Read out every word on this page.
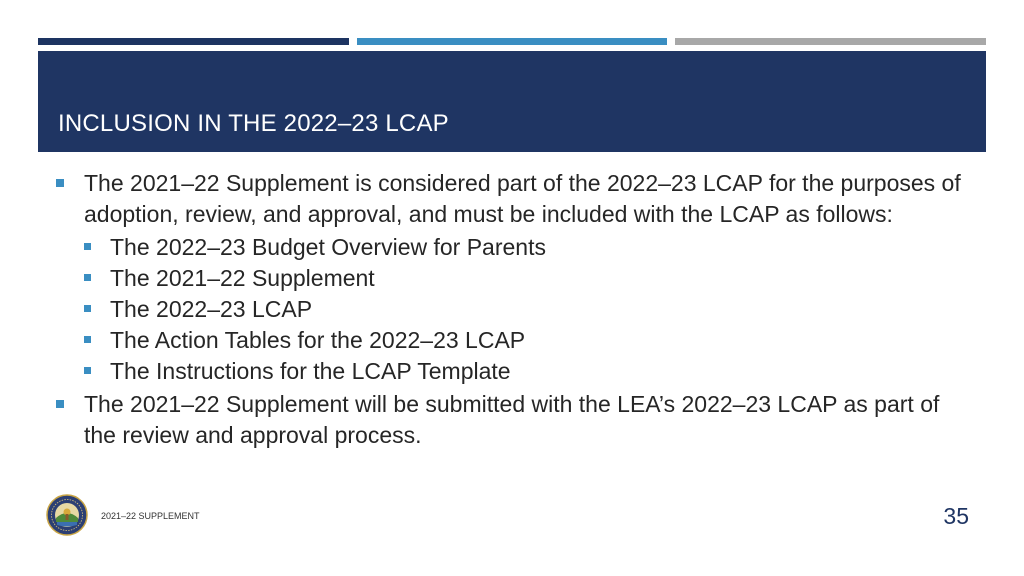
INCLUSION IN THE 2022–23 LCAP
The 2021–22 Supplement is considered part of the 2022–23 LCAP for the purposes of adoption, review, and approval, and must be included with the LCAP as follows:
The 2022–23 Budget Overview for Parents
The 2021–22 Supplement
The 2022–23 LCAP
The Action Tables for the 2022–23 LCAP
The Instructions for the LCAP Template
The 2021–22 Supplement will be submitted with the LEA’s 2022–23 LCAP as part of the review and approval process.
2021–22 SUPPLEMENT	35
